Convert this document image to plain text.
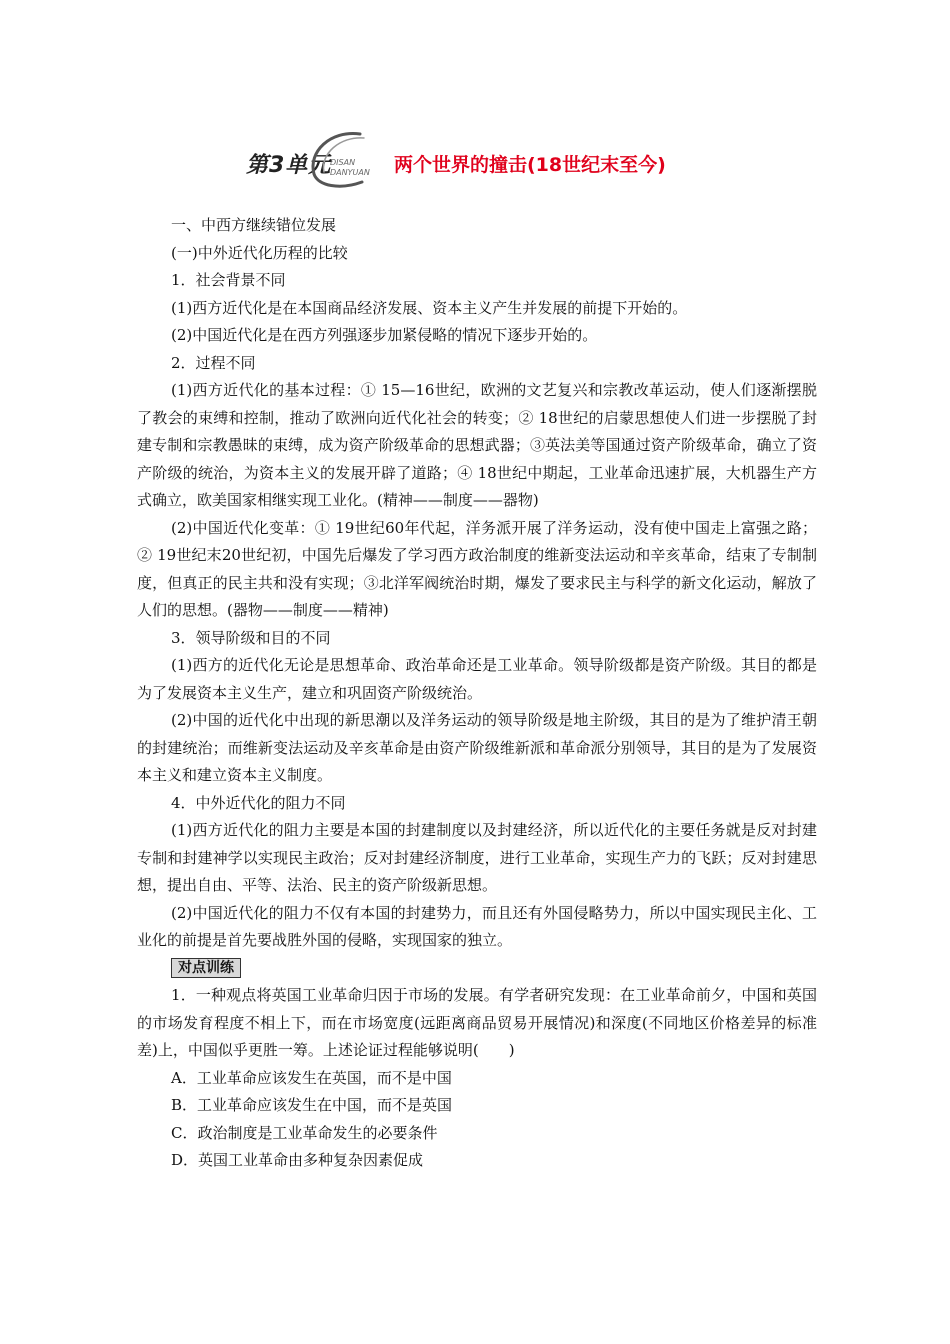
第3单元
DISAN
DANYUAN 两个世界的撞击(18世纪末至今)

一、中西方继续错位发展

(一)中外近代化历程的比较

1．社会背景不同

(1)西方近代化是在本国商品经济发展、资本主义产生并发展的前提下开始的。

(2)中国近代化是在西方列强逐步加紧侵略的情况下逐步开始的。

2．过程不同

(1)西方近代化的基本过程：① 15—16世纪，欧洲的文艺复兴和宗教改革运动，使人们逐渐摆脱了教会的束缚和控制，推动了欧洲向近代化社会的转变；② 18世纪的启蒙思想使人们进一步摆脱了封建专制和宗教愚昧的束缚，成为资产阶级革命的思想武器；③英法美等国通过资产阶级革命，确立了资产阶级的统治，为资本主义的发展开辟了道路；④ 18世纪中期起，工业革命迅速扩展，大机器生产方式确立，欧美国家相继实现工业化。(精神——制度——器物)

(2)中国近代化变革：① 19世纪60年代起，洋务派开展了洋务运动，没有使中国走上富强之路；② 19世纪末20世纪初，中国先后爆发了学习西方政治制度的维新变法运动和辛亥革命，结束了专制制度，但真正的民主共和没有实现；③北洋军阀统治时期，爆发了要求民主与科学的新文化运动，解放了人们的思想。(器物——制度——精神)

3．领导阶级和目的不同

(1)西方的近代化无论是思想革命、政治革命还是工业革命。领导阶级都是资产阶级。其目的都是为了发展资本主义生产，建立和巩固资产阶级统治。

(2)中国的近代化中出现的新思潮以及洋务运动的领导阶级是地主阶级，其目的是为了维护清王朝的封建统治；而维新变法运动及辛亥革命是由资产阶级维新派和革命派分别领导，其目的是为了发展资本主义和建立资本主义制度。

4．中外近代化的阻力不同

(1)西方近代化的阻力主要是本国的封建制度以及封建经济，所以近代化的主要任务就是反对封建专制和封建神学以实现民主政治；反对封建经济制度，进行工业革命，实现生产力的飞跃；反对封建思想，提出自由、平等、法治、民主的资产阶级新思想。

(2)中国近代化的阻力不仅有本国的封建势力，而且还有外国侵略势力，所以中国实现民主化、工业化的前提是首先要战胜外国的侵略，实现国家的独立。

对点训练

1．一种观点将英国工业革命归因于市场的发展。有学者研究发现：在工业革命前夕，中国和英国的市场发育程度不相上下，而在市场宽度(远距离商品贸易开展情况)和深度(不同地区价格差异的标准差)上，中国似乎更胜一筹。上述论证过程能够说明(　　)

A．工业革命应该发生在英国，而不是中国

B．工业革命应该发生在中国，而不是英国

C．政治制度是工业革命发生的必要条件

D．英国工业革命由多种复杂因素促成
